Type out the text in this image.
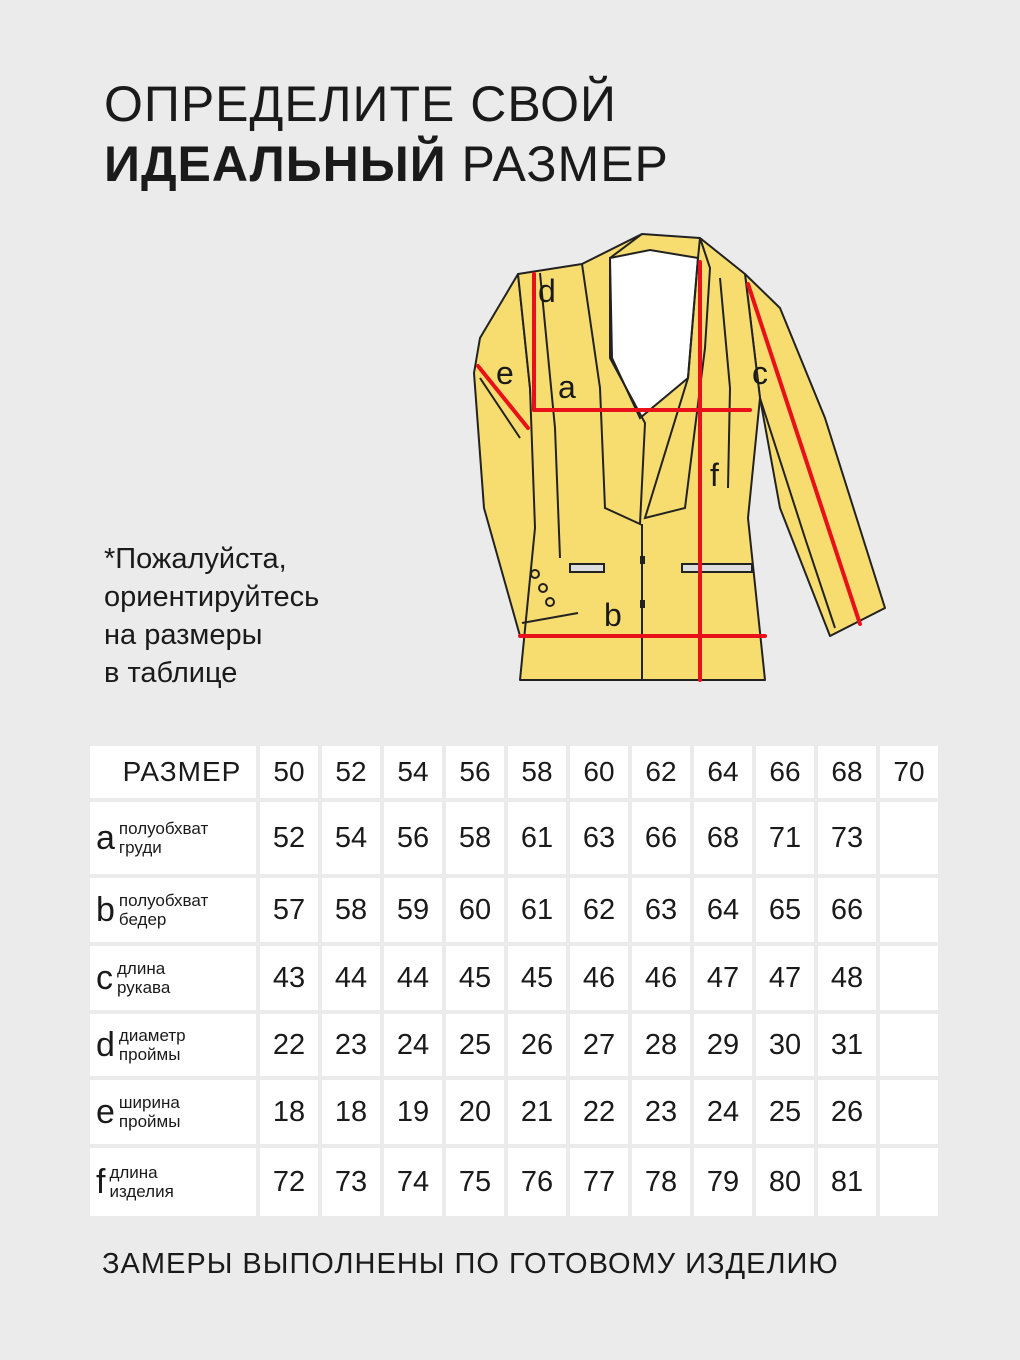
ОПРЕДЕЛИТЕ СВОЙ
ИДЕАЛЬНЫЙ РАЗМЕР
*Пожалуйста,
ориентируйтесь
на размеры
в таблице
a
b
c
d
e
f
РАЗМЕР	50	52	54	56	58	60	62	64	66	68	70

a полуобхват
груди	52	54	56	58	61	63	66	68	71	73	

b полуобхват
бедер	57	58	59	60	61	62	63	64	65	66	

c длина
рукава	43	44	44	45	45	46	46	47	47	48	

d диаметр
проймы	22	23	24	25	26	27	28	29	30	31	

e ширина
проймы	18	18	19	20	21	22	23	24	25	26	

f длина
изделия	72	73	74	75	76	77	78	79	80	81	
ЗАМЕРЫ ВЫПОЛНЕНЫ ПО ГОТОВОМУ ИЗДЕЛИЮ
